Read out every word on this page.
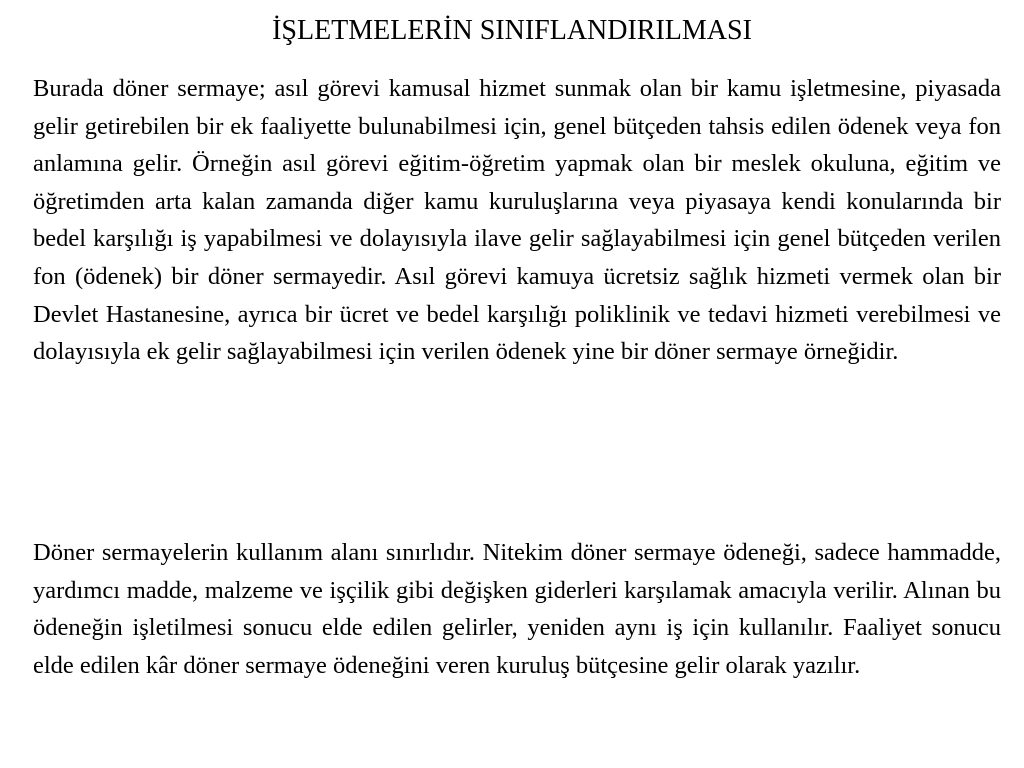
İŞLETMELERİN SINIFLANDIRILMASI

Burada döner sermaye; asıl görevi kamusal hizmet sunmak olan bir kamu işletmesine, piyasada gelir getirebilen bir ek faaliyette bulunabilmesi için, genel bütçeden tahsis edilen ödenek veya fon anlamına gelir. Örneğin asıl görevi eğitim-öğretim yapmak olan bir meslek okuluna, eğitim ve öğretimden arta kalan zamanda diğer kamu kuruluşlarına veya piyasaya kendi konularında bir bedel karşılığı iş yapabilmesi ve dolayısıyla ilave gelir sağlayabilmesi için genel bütçeden verilen fon (ödenek) bir döner sermayedir. Asıl görevi kamuya ücretsiz sağlık hizmeti vermek olan bir Devlet Hastanesine, ayrıca bir ücret ve bedel karşılığı poliklinik ve tedavi hizmeti verebilmesi ve dolayısıyla ek gelir sağlayabilmesi için verilen ödenek yine bir döner sermaye örneğidir.

Döner sermayelerin kullanım alanı sınırlıdır. Nitekim döner sermaye ödeneği, sadece hammadde, yardımcı madde, malzeme ve işçilik gibi değişken giderleri karşılamak amacıyla verilir. Alınan bu ödeneğin işletilmesi sonucu elde edilen gelirler, yeniden aynı iş için kullanılır. Faaliyet sonucu elde edilen kâr döner sermaye ödeneğini veren kuruluş bütçesine gelir olarak yazılır.
